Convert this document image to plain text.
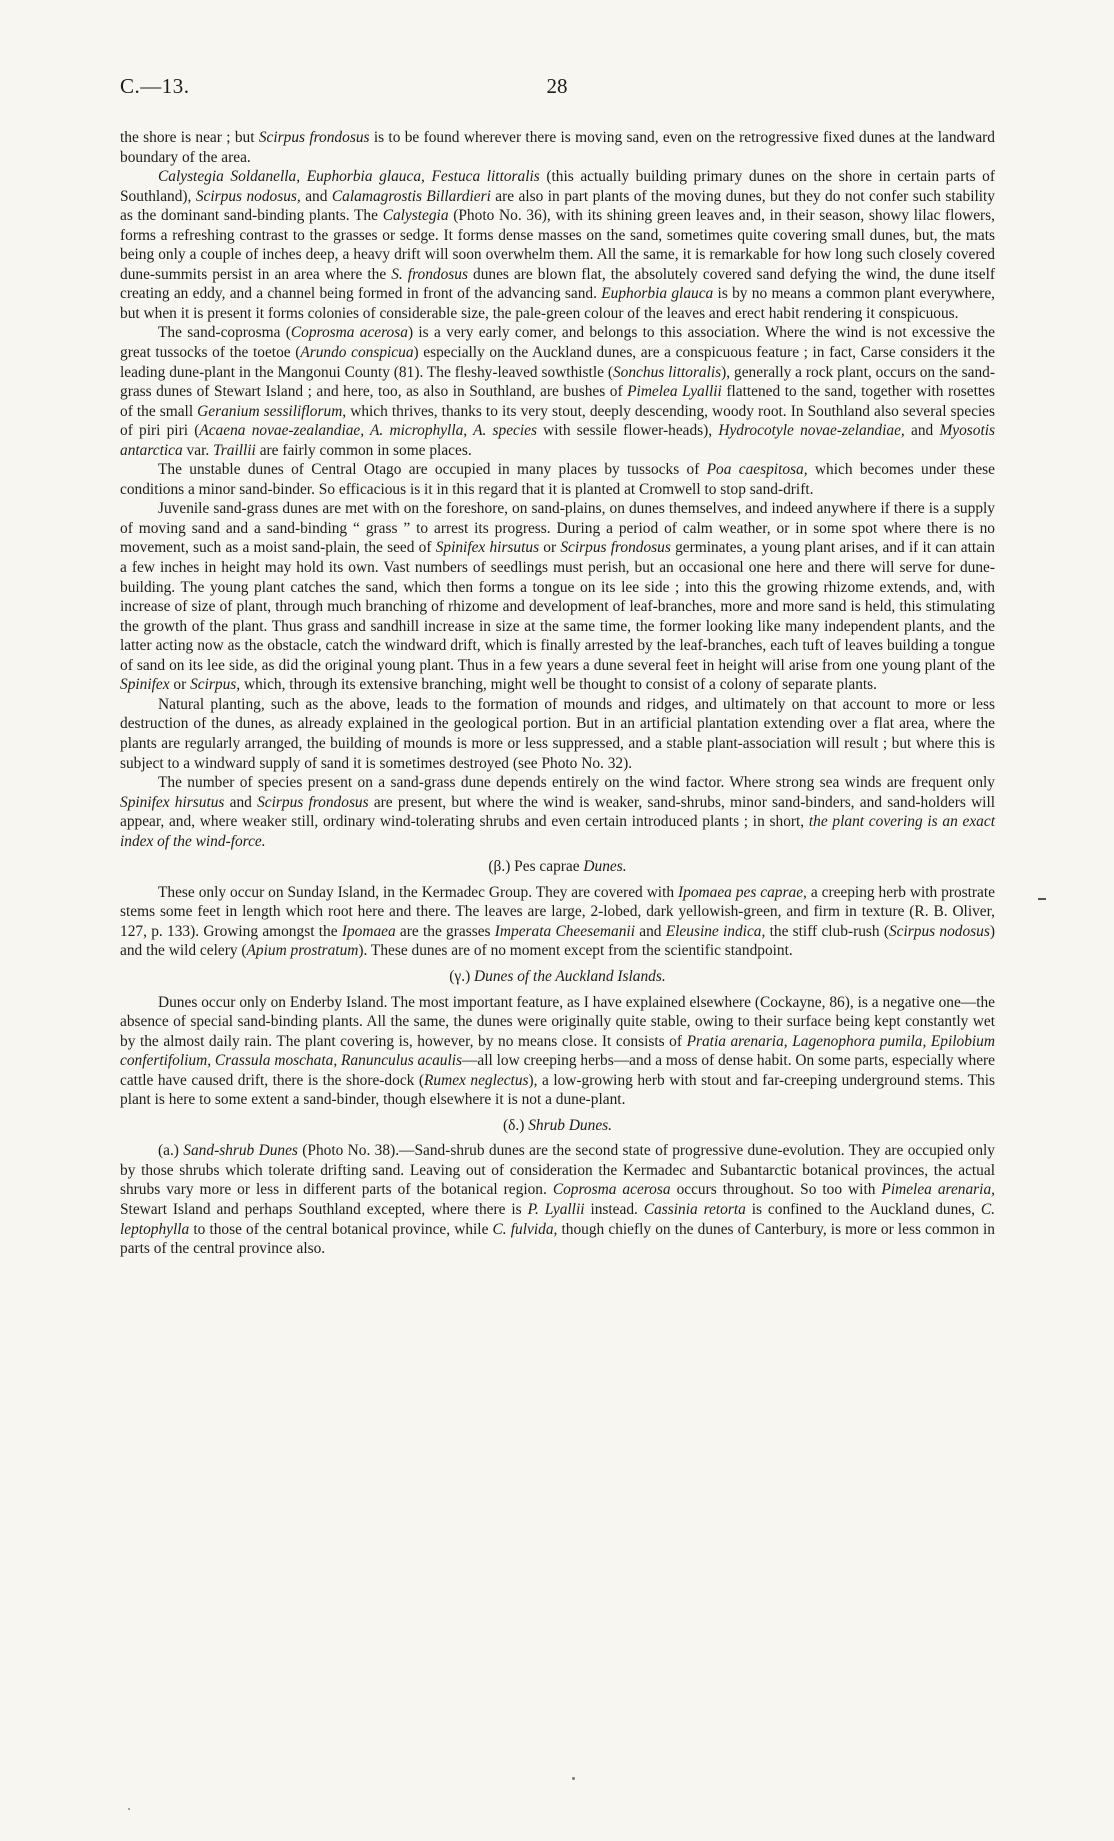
C.—13.	28

the shore is near ; but Scirpus frondosus is to be found wherever there is moving sand, even on the retrogressive fixed dunes at the landward boundary of the area.

Calystegia Soldanella, Euphorbia glauca, Festuca littoralis (this actually building primary dunes on the shore in certain parts of Southland), Scirpus nodosus, and Calamagrostis Billardieri are also in part plants of the moving dunes, but they do not confer such stability as the dominant sand-binding plants. The Calystegia (Photo No. 36), with its shining green leaves and, in their season, showy lilac flowers, forms a refreshing contrast to the grasses or sedge. It forms dense masses on the sand, sometimes quite covering small dunes, but, the mats being only a couple of inches deep, a heavy drift will soon overwhelm them. All the same, it is remarkable for how long such closely covered dune-summits persist in an area where the S. frondosus dunes are blown flat, the absolutely covered sand defying the wind, the dune itself creating an eddy, and a channel being formed in front of the advancing sand. Euphorbia glauca is by no means a common plant everywhere, but when it is present it forms colonies of considerable size, the pale-green colour of the leaves and erect habit rendering it conspicuous.

The sand-coprosma (Coprosma acerosa) is a very early comer, and belongs to this association. Where the wind is not excessive the great tussocks of the toetoe (Arundo conspicua) especially on the Auckland dunes, are a conspicuous feature ; in fact, Carse considers it the leading dune-plant in the Mangonui County (81). The fleshy-leaved sowthistle (Sonchus littoralis), generally a rock plant, occurs on the sand-grass dunes of Stewart Island ; and here, too, as also in Southland, are bushes of Pimelea Lyallii flattened to the sand, together with rosettes of the small Geranium sessiliflorum, which thrives, thanks to its very stout, deeply descending, woody root. In Southland also several species of piri piri (Acaena novae-zealandiae, A. microphylla, A. species with sessile flower-heads), Hydrocotyle novae-zelandiae, and Myosotis antarctica var. Traillii are fairly common in some places.

The unstable dunes of Central Otago are occupied in many places by tussocks of Poa caespitosa, which becomes under these conditions a minor sand-binder. So efficacious is it in this regard that it is planted at Cromwell to stop sand-drift.

Juvenile sand-grass dunes are met with on the foreshore, on sand-plains, on dunes themselves, and indeed anywhere if there is a supply of moving sand and a sand-binding “ grass ” to arrest its progress. During a period of calm weather, or in some spot where there is no movement, such as a moist sand-plain, the seed of Spinifex hirsutus or Scirpus frondosus germinates, a young plant arises, and if it can attain a few inches in height may hold its own. Vast numbers of seedlings must perish, but an occasional one here and there will serve for dune-building. The young plant catches the sand, which then forms a tongue on its lee side ; into this the growing rhizome extends, and, with increase of size of plant, through much branching of rhizome and development of leaf-branches, more and more sand is held, this stimulating the growth of the plant. Thus grass and sandhill increase in size at the same time, the former looking like many independent plants, and the latter acting now as the obstacle, catch the windward drift, which is finally arrested by the leaf-branches, each tuft of leaves building a tongue of sand on its lee side, as did the original young plant. Thus in a few years a dune several feet in height will arise from one young plant of the Spinifex or Scirpus, which, through its extensive branching, might well be thought to consist of a colony of separate plants.

Natural planting, such as the above, leads to the formation of mounds and ridges, and ultimately on that account to more or less destruction of the dunes, as already explained in the geological portion. But in an artificial plantation extending over a flat area, where the plants are regularly arranged, the building of mounds is more or less suppressed, and a stable plant-association will result ; but where this is subject to a windward supply of sand it is sometimes destroyed (see Photo No. 32).

The number of species present on a sand-grass dune depends entirely on the wind factor. Where strong sea winds are frequent only Spinifex hirsutus and Scirpus frondosus are present, but where the wind is weaker, sand-shrubs, minor sand-binders, and sand-holders will appear, and, where weaker still, ordinary wind-tolerating shrubs and even certain introduced plants ; in short, the plant covering is an exact index of the wind-force.

(β.) Pes caprae Dunes.

These only occur on Sunday Island, in the Kermadec Group. They are covered with Ipomaea pes caprae, a creeping herb with prostrate stems some feet in length which root here and there. The leaves are large, 2-lobed, dark yellowish-green, and firm in texture (R. B. Oliver, 127, p. 133). Growing amongst the Ipomaea are the grasses Imperata Cheesemanii and Eleusine indica, the stiff club-rush (Scirpus nodosus) and the wild celery (Apium prostratum). These dunes are of no moment except from the scientific standpoint.

(γ.) Dunes of the Auckland Islands.

Dunes occur only on Enderby Island. The most important feature, as I have explained elsewhere (Cockayne, 86), is a negative one—the absence of special sand-binding plants. All the same, the dunes were originally quite stable, owing to their surface being kept constantly wet by the almost daily rain. The plant covering is, however, by no means close. It consists of Pratia arenaria, Lagenophora pumila, Epilobium confertifolium, Crassula moschata, Ranunculus acaulis—all low creeping herbs—and a moss of dense habit. On some parts, especially where cattle have caused drift, there is the shore-dock (Rumex neglectus), a low-growing herb with stout and far-creeping underground stems. This plant is here to some extent a sand-binder, though elsewhere it is not a dune-plant.

(δ.) Shrub Dunes.

(a.) Sand-shrub Dunes (Photo No. 38).—Sand-shrub dunes are the second state of progressive dune-evolution. They are occupied only by those shrubs which tolerate drifting sand. Leaving out of consideration the Kermadec and Subantarctic botanical provinces, the actual shrubs vary more or less in different parts of the botanical region. Coprosma acerosa occurs throughout. So too with Pimelea arenaria, Stewart Island and perhaps Southland excepted, where there is P. Lyallii instead. Cassinia retorta is confined to the Auckland dunes, C. leptophylla to those of the central botanical province, while C. fulvida, though chiefly on the dunes of Canterbury, is more or less common in parts of the central province also.
